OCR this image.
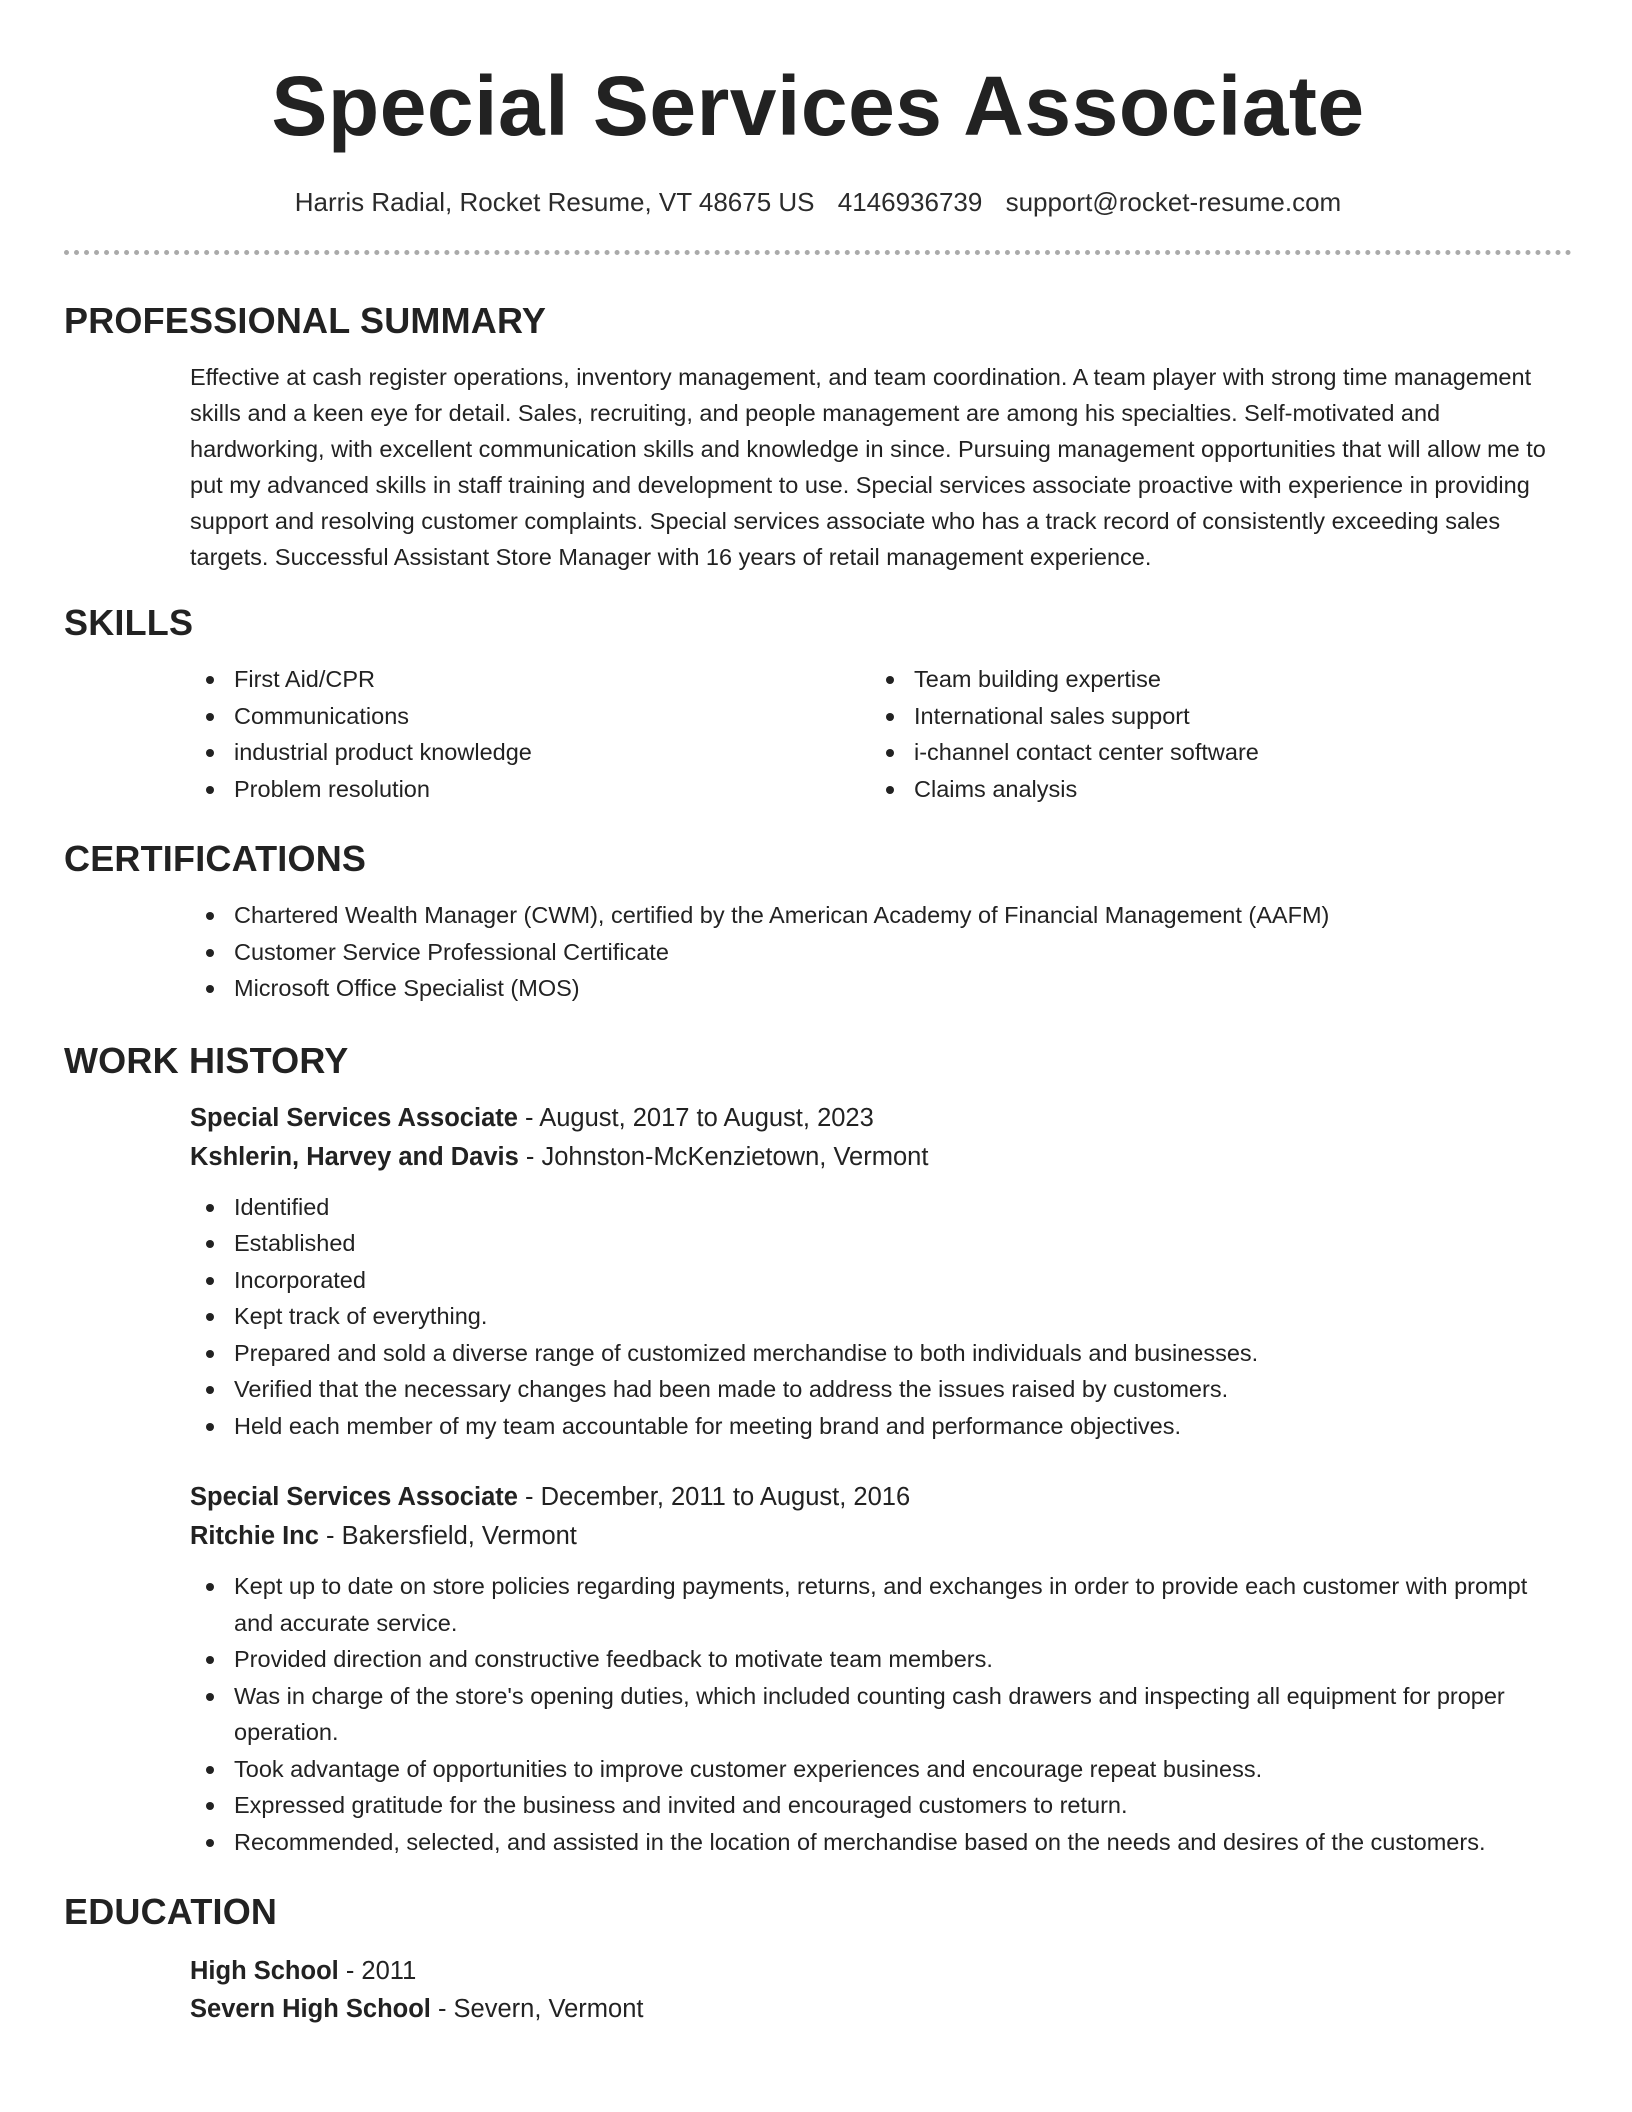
Special Services Associate
Harris Radial, Rocket Resume, VT 48675 US 4146936739 support@rocket-resume.com
PROFESSIONAL SUMMARY
Effective at cash register operations, inventory management, and team coordination. A team player with strong time management skills and a keen eye for detail. Sales, recruiting, and people management are among his specialties. Self-motivated and hardworking, with excellent communication skills and knowledge in since. Pursuing management opportunities that will allow me to put my advanced skills in staff training and development to use. Special services associate proactive with experience in providing support and resolving customer complaints. Special services associate who has a track record of consistently exceeding sales targets. Successful Assistant Store Manager with 16 years of retail management experience.
SKILLS
First Aid/CPR
Communications
industrial product knowledge
Problem resolution
Team building expertise
International sales support
i-channel contact center software
Claims analysis
CERTIFICATIONS
Chartered Wealth Manager (CWM), certified by the American Academy of Financial Management (AAFM)
Customer Service Professional Certificate
Microsoft Office Specialist (MOS)
WORK HISTORY
Special Services Associate - August, 2017 to August, 2023
Kshlerin, Harvey and Davis - Johnston-McKenzietown, Vermont
Identified
Established
Incorporated
Kept track of everything.
Prepared and sold a diverse range of customized merchandise to both individuals and businesses.
Verified that the necessary changes had been made to address the issues raised by customers.
Held each member of my team accountable for meeting brand and performance objectives.
Special Services Associate - December, 2011 to August, 2016
Ritchie Inc - Bakersfield, Vermont
Kept up to date on store policies regarding payments, returns, and exchanges in order to provide each customer with prompt and accurate service.
Provided direction and constructive feedback to motivate team members.
Was in charge of the store's opening duties, which included counting cash drawers and inspecting all equipment for proper operation.
Took advantage of opportunities to improve customer experiences and encourage repeat business.
Expressed gratitude for the business and invited and encouraged customers to return.
Recommended, selected, and assisted in the location of merchandise based on the needs and desires of the customers.
EDUCATION
High School - 2011
Severn High School - Severn, Vermont
